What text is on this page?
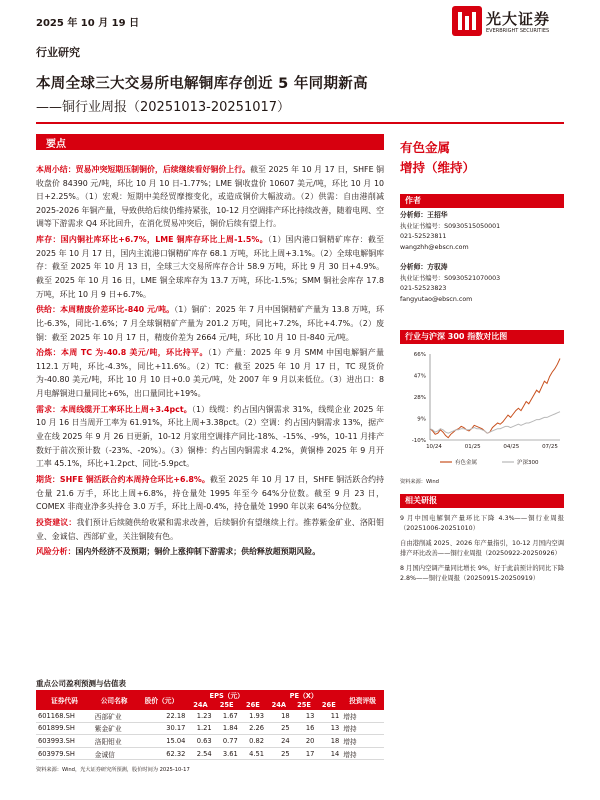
2025 年 10 月 19 日	光大证券
EVERBRIGHT SECURITIES
行业研究
本周全球三大交易所电解铜库存创近 5 年同期新高
——铜行业周报（20251013-20251017）
要点

本周小结：贸易冲突短期压制铜价，后续继续看好铜价上行。截至 2025 年 10 月 17 日，SHFE 铜收盘价 84390 元/吨，环比 10 月 10 日-1.77%；LME 铜收盘价 10607 美元/吨，环比 10 月 10 日+2.25%。（1）宏观：短期中美经贸摩擦变化，或造成铜价大幅波动。（2）供需：自由港削减 2025-2026 年铜产量，导致供给后续仍维持紧张，10-12 月空调排产环比持续改善，随着电网、空调等下游需求 Q4 环比回升，在消化贸易冲突后，铜价后续有望上行。

库存：国内铜社库环比+6.7%，LME 铜库存环比上周-1.5%。（1）国内港口铜精矿库存：截至 2025 年 10 月 17 日，国内主流港口铜精矿库存 68.1 万吨，环比上周+3.1%。（2）全球电解铜库存：截至 2025 年 10 月 13 日，全球三大交易所库存合计 58.9 万吨，环比 9 月 30 日+4.9%。截至 2025 年 10 月 16 日，LME 铜全球库存为 13.7 万吨，环比-1.5%；SMM 铜社会库存 17.8 万吨，环比 10 月 9 日+6.7%。

供给：本周精废价差环比-840 元/吨。（1）铜矿：2025 年 7 月中国铜精矿产量为 13.8 万吨，环比-6.3%，同比-1.6%；7 月全球铜精矿产量为 201.2 万吨，同比+7.2%，环比+4.7%。（2）废铜：截至 2025 年 10 月 17 日，精废价差为 2664 元/吨，环比 10 月 10 日-840 元/吨。

冶炼：本周 TC 为-40.8 美元/吨，环比持平。（1）产量：2025 年 9 月 SMM 中国电解铜产量 112.1 万吨，环比-4.3%，同比+11.6%。（2）TC：截至 2025 年 10 月 17 日，TC 现货价为-40.80 美元/吨，环比 10 月 10 日+0.0 美元/吨，处 2007 年 9 月以来低位。（3）进出口：8 月电解铜进口量同比+6%，出口量同比+19%。

需求：本周线缆开工率环比上周+3.4pct。（1）线缆：约占国内铜需求 31%，线缆企业 2025 年 10 月 16 日当周开工率为 61.91%，环比上周+3.38pct。（2）空调：约占国内铜需求 13%，据产业在线 2025 年 9 月 26 日更新，10-12 月家用空调排产同比-18%、-15%、-9%，10-11 月排产数好于前次预计数（-23%、-20%）。（3）铜棒：约占国内铜需求 4.2%，黄铜棒 2025 年 9 月开工率 45.1%，环比+1.2pct、同比-5.9pct。

期货：SHFE 铜活跃合约本周持仓环比+6.8%。截至 2025 年 10 月 17 日，SHFE 铜活跃合约持仓量 21.6 万手，环比上周+6.8%，持仓量处 1995 年至今 64%分位数。截至 9 月 23 日，COMEX 非商业净多头持仓 3.0 万手，环比上周-0.4%，持仓量处 1990 年以来 64%分位数。

投资建议：我们预计后续随供给收紧和需求改善，后续铜价有望继续上行。推荐紫金矿业、洛阳钼业、金诚信、西部矿业，关注铜陵有色。

风险分析：国内外经济不及预期；铜价上涨抑制下游需求；供给释放超预期风险。

有色金属
增持（维持）
作者
分析师：王招华
执业证书编号：S0930515050001
021-52523811
wangzhh@ebscn.com
分析师：方驭涛
执业证书编号：S0930521070003
021-52523823
fangyutao@ebscn.com
行业与沪深 300 指数对比图
66%
47%
28%
9%
-10%
10/24	01/25	04/25	07/25
有色金属	沪深300
资料来源：Wind
相关研报

9 月中国电解铜产量环比下降 4.3%——铜行业周报（20251006-20251010）

自由港削减 2025、2026 年产量指引，10-12 月国内空调排产环比改善——铜行业周报（20250922-20250926）

8 月国内空调产量同比增长 9%，好于此前预计的同比下降 2.8%——铜行业周报（20250915-20250919）

重点公司盈利预测与估值表
证券代码	公司名称	股价（元）	EPS（元）			PE（X）			投资评级
			24A	25E	26E	24A	25E	26E	
601168.SH	西部矿业	22.18	1.23	1.67	1.93	18	13	11	增持
601899.SH	紫金矿业	30.17	1.21	1.84	2.26	25	16	13	增持
603993.SH	洛阳钼业	15.04	0.63	0.77	0.82	24	20	18	增持
603979.SH	金诚信	62.32	2.54	3.61	4.51	25	17	14	增持
资料来源：Wind，光大证券研究所预测，股价时间为 2025-10-17
